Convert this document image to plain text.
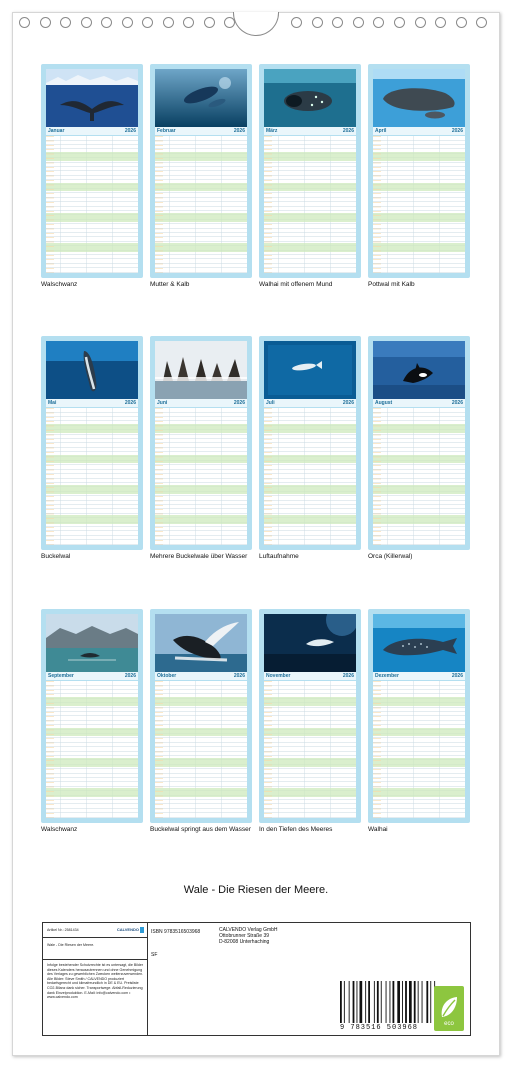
Januar	2026
Walschwanz
Februar	2026
Mutter & Kalb
März	2026
Walhai mit offenem Mund
April	2026
Pottwal mit Kalb
Mai	2026
Buckelwal
Juni	2026
Mehrere Buckelwale über Wasser
Juli	2026
Luftaufnahme
August	2026
Orca (Killerwal)
September	2026
Walschwanz
Oktober	2026
Buckelwal springt aus dem Wasser
November	2026
In den Tiefen des Meeres
Dezember	2026
Walhai
Wale - Die Riesen der Meere.
Artikel Nr.: 2581434	CALVENDO
Wale - Die Riesen der Meere.
Infolge bestehender Schutzrechte ist es untersagt, die Bilder dieses Kalenders herauszutrennen und ohne Genehmigung des Verlages zu gewerblichen Zwecken weiterzuverwenden. Alle Bilder: Steve Smith / CALVENDO produziert bedarfsgerecht und klimafreundlich in DE & EU. Preisliste CO2-Bilanz dank sicher. Transportwege. Abfall-Reduzierung dank Einzelproduktion. E-Mail: info@calvendo.com • www.calvendo.com
ISBN 9783516503968	CALVENDO Verlag GmbH
Ottobrunner Straße 39
D-82008 Unterhaching
SF
9 783516 503968	eco
